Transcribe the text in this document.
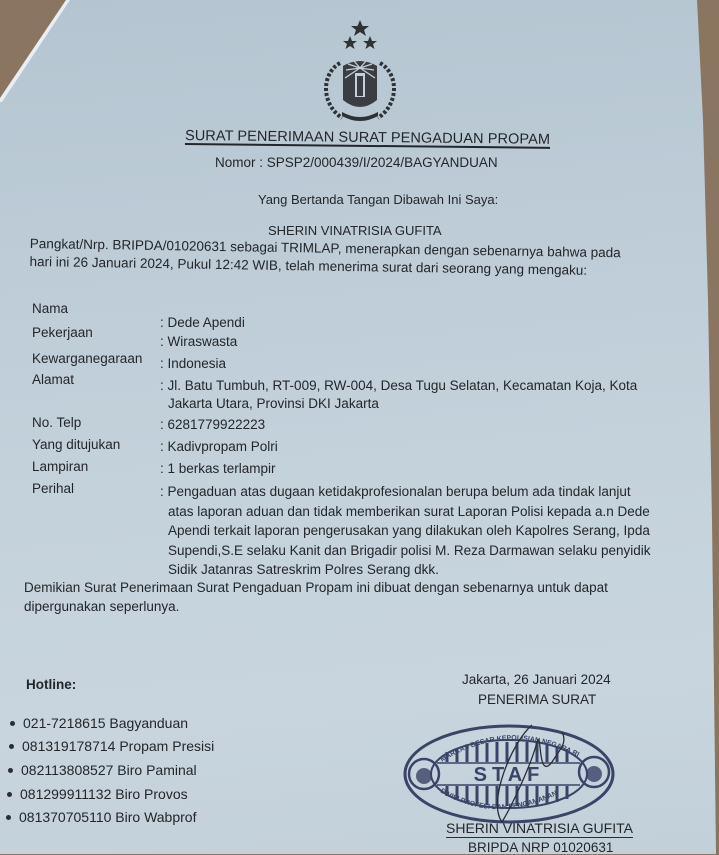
SURAT PENERIMAAN SURAT PENGADUAN PROPAM
Nomor : SPSP2/000439/I/2024/BAGYANDUAN
Yang Bertanda Tangan Dibawah Ini Saya:
SHERIN VINATRISIA GUFITA
Pangkat/Nrp. BRIPDA/01020631 sebagai TRIMLAP, menerapkan dengan sebenarnya bahwa pada
hari ini 26 Januari 2024, Pukul 12:42 WIB, telah menerima surat dari seorang yang mengaku:
Nama
: Dede Apendi
Pekerjaan
: Wiraswasta
Kewarganegaraan : Indonesia
Alamat	: Jl. Batu Tumbuh, RT-009, RW-004, Desa Tugu Selatan, Kecamatan Koja, Kota
Jakarta Utara, Provinsi DKI Jakarta
No. Telp	: 6281779922223
Yang ditujukan	: Kadivpropam Polri
Lampiran	: 1 berkas terlampir
Perihal	: Pengaduan atas dugaan ketidakprofesionalan berupa belum ada tindak lanjut
atas laporan aduan dan tidak memberikan surat Laporan Polisi kepada a.n Dede
Apendi terkait laporan pengerusakan yang dilakukan oleh Kapolres Serang, Ipda
Supendi,S.E selaku Kanit dan Brigadir polisi M. Reza Darmawan selaku penyidik
Sidik Jatanras Satreskrim Polres Serang dkk.
Demikian Surat Penerimaan Surat Pengaduan Propam ini dibuat dengan sebenarnya untuk dapat
dipergunakan seperlunya.
Hotline:
021-7218615 Bagyanduan
081319178714 Propam Presisi
082113808527 Biro Paminal
081299911132 Biro Provos
081370705110 Biro Wabprof
Jakarta, 26 Januari 2024
PENERIMA SURAT
STAF
MARKAS BESAR KEPOLISIAN NEGARA RI
DIVISI PROFESI DAN PENGAMANAN
SHERIN VINATRISIA GUFITA
BRIPDA NRP 01020631
